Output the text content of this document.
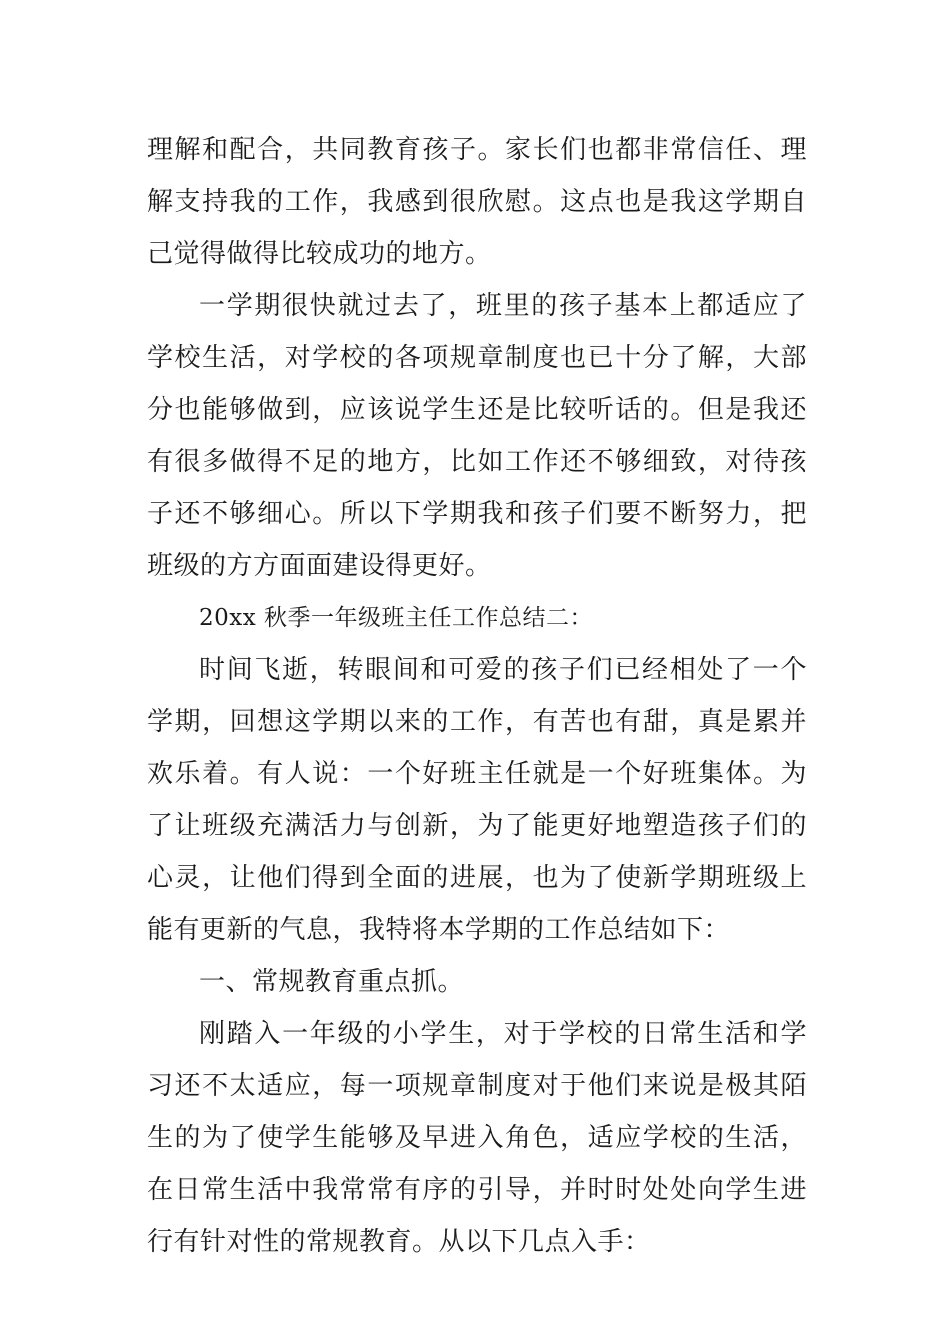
理解和配合，共同教育孩子。家长们也都非常信任、理解支持我的工作，我感到很欣慰。这点也是我这学期自己觉得做得比较成功的地方。

一学期很快就过去了，班里的孩子基本上都适应了学校生活，对学校的各项规章制度也已十分了解，大部分也能够做到，应该说学生还是比较听话的。但是我还有很多做得不足的地方，比如工作还不够细致，对待孩子还不够细心。所以下学期我和孩子们要不断努力，把班级的方方面面建设得更好。

20xx 秋季一年级班主任工作总结二：

时间飞逝，转眼间和可爱的孩子们已经相处了一个学期，回想这学期以来的工作，有苦也有甜，真是累并欢乐着。有人说：一个好班主任就是一个好班集体。为了让班级充满活力与创新，为了能更好地塑造孩子们的心灵，让他们得到全面的进展，也为了使新学期班级上能有更新的气息，我特将本学期的工作总结如下：

一、常规教育重点抓。

刚踏入一年级的小学生，对于学校的日常生活和学习还不太适应，每一项规章制度对于他们来说是极其陌生的为了使学生能够及早进入角色，适应学校的生活，在日常生活中我常常有序的引导，并时时处处向学生进行有针对性的常规教育。从以下几点入手：
